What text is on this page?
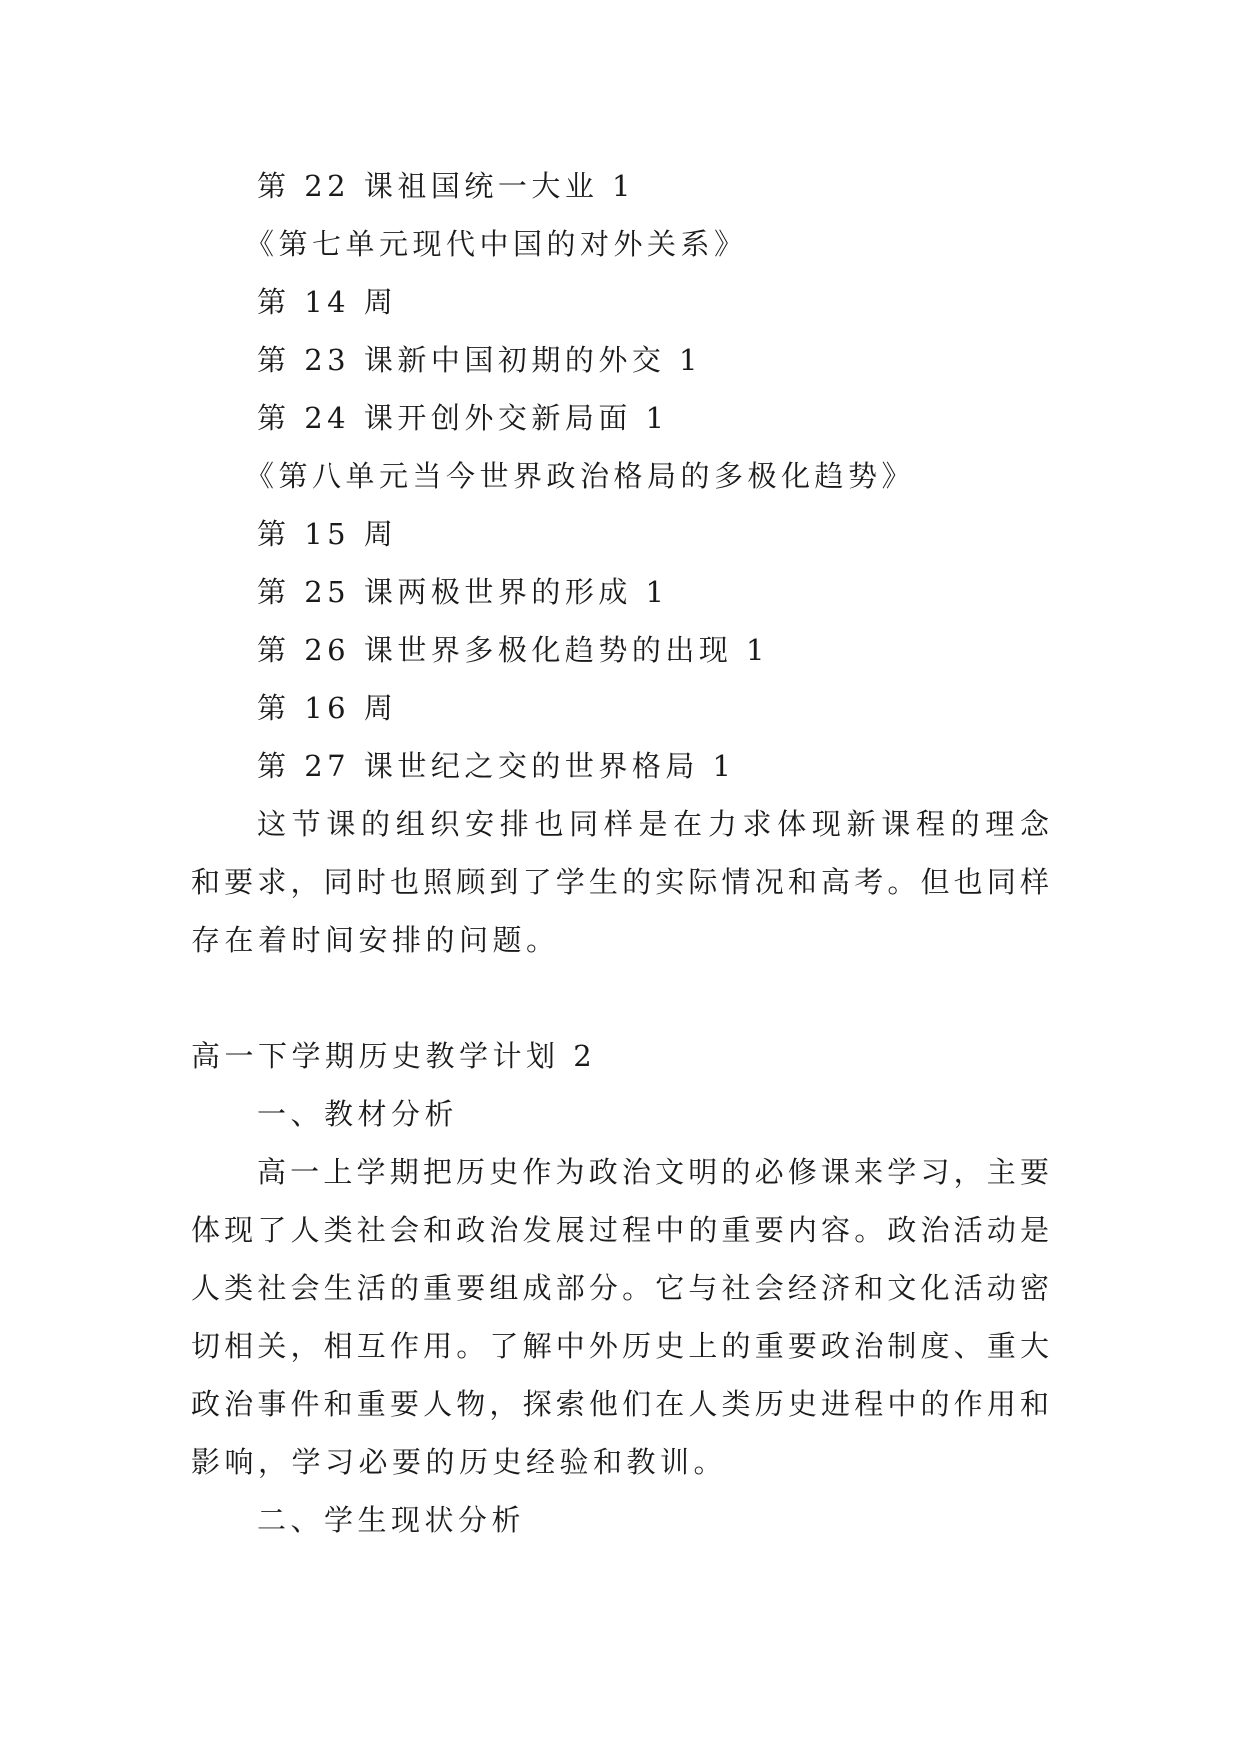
第 22 课祖国统一大业 1
《第七单元现代中国的对外关系》
第 14 周
第 23 课新中国初期的外交 1
第 24 课开创外交新局面 1
《第八单元当今世界政治格局的多极化趋势》
第 15 周
第 25 课两极世界的形成 1
第 26 课世界多极化趋势的出现 1
第 16 周
第 27 课世纪之交的世界格局 1
这节课的组织安排也同样是在力求体现新课程的理念
和要求，同时也照顾到了学生的实际情况和高考。但也同样
存在着时间安排的问题。
高一下学期历史教学计划 2
一、教材分析
高一上学期把历史作为政治文明的必修课来学习，主要
体现了人类社会和政治发展过程中的重要内容。政治活动是
人类社会生活的重要组成部分。它与社会经济和文化活动密
切相关，相互作用。了解中外历史上的重要政治制度、重大
政治事件和重要人物，探索他们在人类历史进程中的作用和
影响，学习必要的历史经验和教训。
二、学生现状分析
